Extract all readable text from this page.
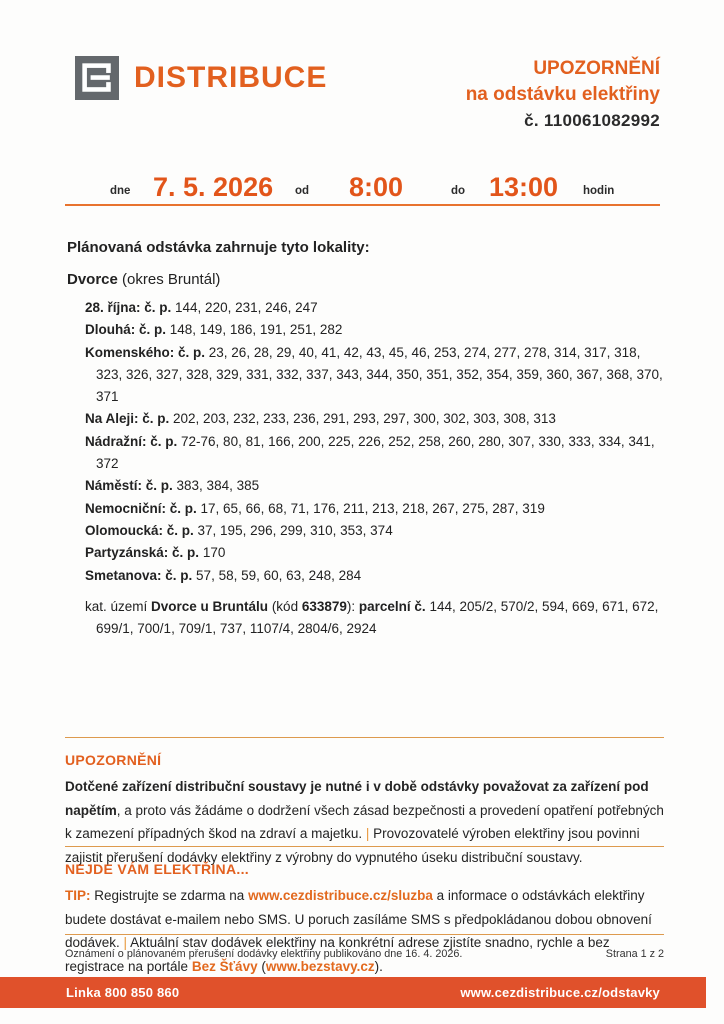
DISTRIBUCE	UPOZORNĚNÍ
na odstávku elektřiny
č. 110061082992
dne 7. 5. 2026 od 8:00	do 13:00 hodin
Plánovaná odstávka zahrnuje tyto lokality:
Dvorce (okres Bruntál)
28. října: č. p. 144, 220, 231, 246, 247
Dlouhá: č. p. 148, 149, 186, 191, 251, 282
Komenského: č. p. 23, 26, 28, 29, 40, 41, 42, 43, 45, 46, 253, 274, 277, 278, 314, 317, 318, 323, 326, 327, 328, 329, 331, 332, 337, 343, 344, 350, 351, 352, 354, 359, 360, 367, 368, 370, 371
Na Aleji: č. p. 202, 203, 232, 233, 236, 291, 293, 297, 300, 302, 303, 308, 313
Nádražní: č. p. 72-76, 80, 81, 166, 200, 225, 226, 252, 258, 260, 280, 307, 330, 333, 334, 341, 372
Náměstí: č. p. 383, 384, 385
Nemocniční: č. p. 17, 65, 66, 68, 71, 176, 211, 213, 218, 267, 275, 287, 319
Olomoucká: č. p. 37, 195, 296, 299, 310, 353, 374
Partyzánská: č. p. 170
Smetanova: č. p. 57, 58, 59, 60, 63, 248, 284

kat. území Dvorce u Bruntálu (kód 633879): parcelní č. 144, 205/2, 570/2, 594, 669, 671, 672, 699/1, 700/1, 709/1, 737, 1107/4, 2804/6, 2924

UPOZORNĚNÍ

Dotčené zařízení distribuční soustavy je nutné i v době odstávky považovat za zařízení pod napětím, a proto vás žádáme o dodržení všech zásad bezpečnosti a provedení opatření potřebných k zamezení případných škod na zdraví a majetku. | Provozovatelé výroben elektřiny jsou povinni zajistit přerušení dodávky elektřiny z výrobny do vypnutého úseku distribuční soustavy.

NEJDE VÁM ELEKTŘINA...

TIP: Registrujte se zdarma na www.cezdistribuce.cz/sluzba a informace o odstávkách elektřiny budete dostávat e-mailem nebo SMS. U poruch zasíláme SMS s předpokládanou dobou obnovení dodávek. | Aktuální stav dodávek elektřiny na konkrétní adrese zjistíte snadno, rychle a bez registrace na portále Bez Šťávy (www.bezstavy.cz).

Oznámení o plánovaném přerušení dodávky elektřiny publikováno dne 16. 4. 2026.	Strana 1 z 2
Linka 800 850 860	www.cezdistribuce.cz/odstavky
